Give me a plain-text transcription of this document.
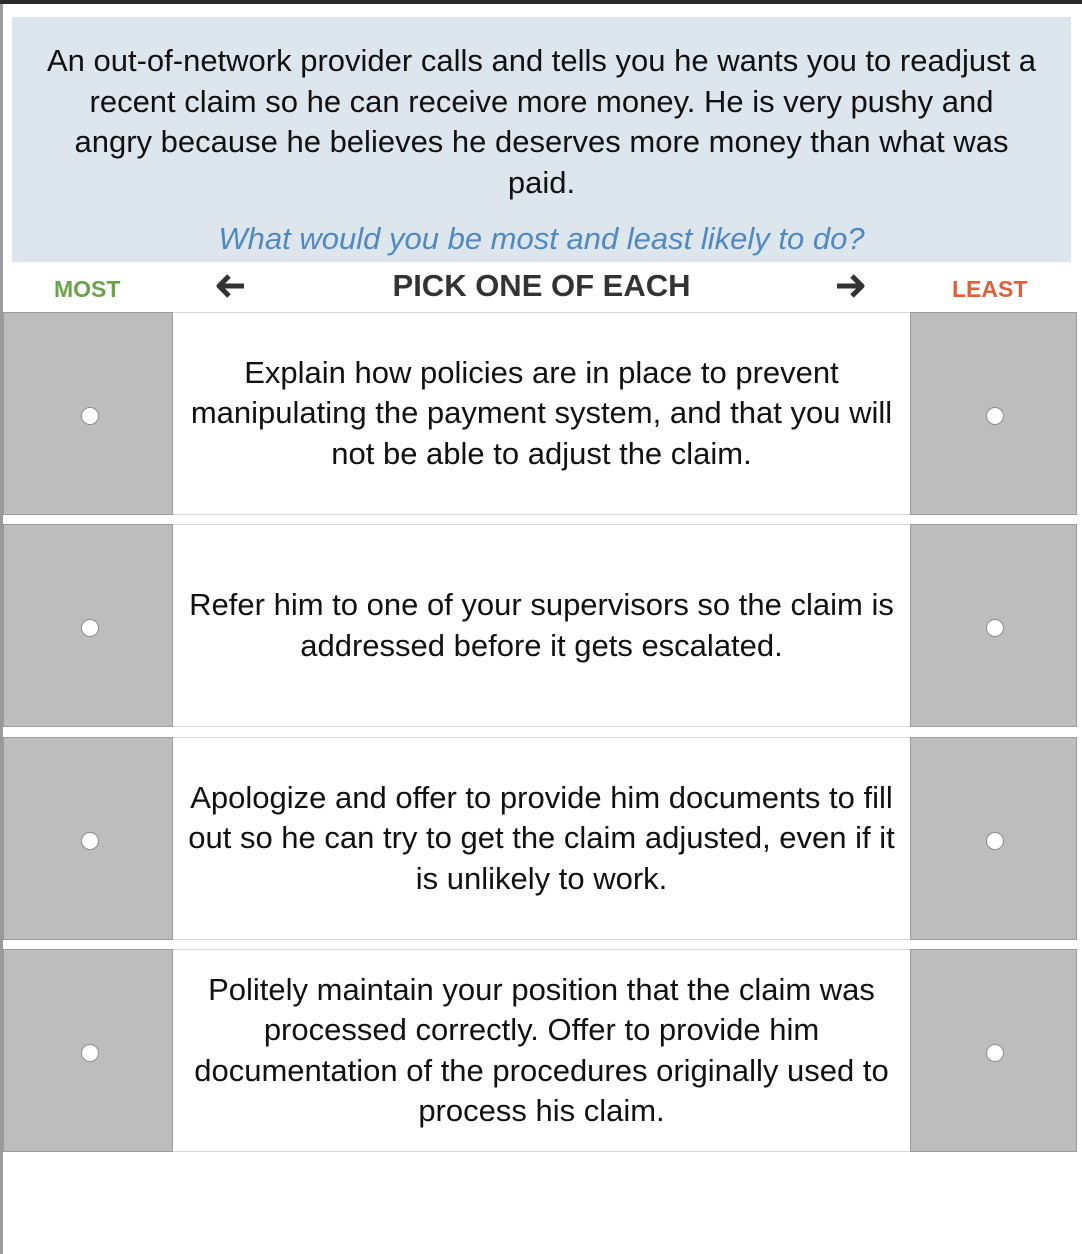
An out-of-network provider calls and tells you he wants you to readjust a recent claim so he can receive more money. He is very pushy and angry because he believes he deserves more money than what was paid.
What would you be most and least likely to do?
MOST	PICK ONE OF EACH	LEAST
Explain how policies are in place to prevent manipulating the payment system, and that you will not be able to adjust the claim.
Refer him to one of your supervisors so the claim is addressed before it gets escalated.
Apologize and offer to provide him documents to fill out so he can try to get the claim adjusted, even if it is unlikely to work.
Politely maintain your position that the claim was processed correctly. Offer to provide him documentation of the procedures originally used to process his claim.
